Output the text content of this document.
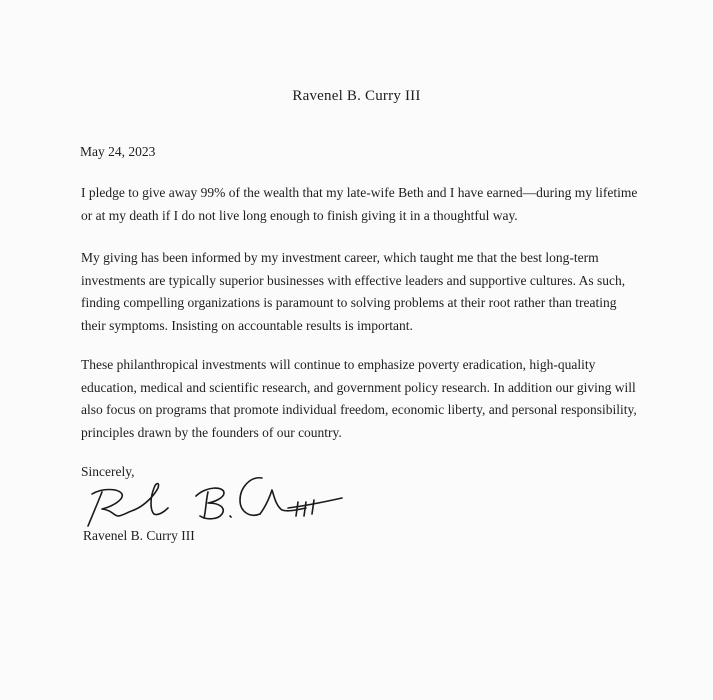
Ravenel B. Curry III
May 24, 2023

I pledge to give away 99% of the wealth that my late-wife Beth and I have earned—during my lifetime or at my death if I do not live long enough to finish giving it in a thoughtful way.

My giving has been informed by my investment career, which taught me that the best long-term investments are typically superior businesses with effective leaders and supportive cultures. As such, finding compelling organizations is paramount to solving problems at their root rather than treating their symptoms. Insisting on accountable results is important.

These philanthropical investments will continue to emphasize poverty eradication, high-quality education, medical and scientific research, and government policy research. In addition our giving will also focus on programs that promote individual freedom, economic liberty, and personal responsibility, principles drawn by the founders of our country.

Sincerely,
Ravenel B. Curry III
